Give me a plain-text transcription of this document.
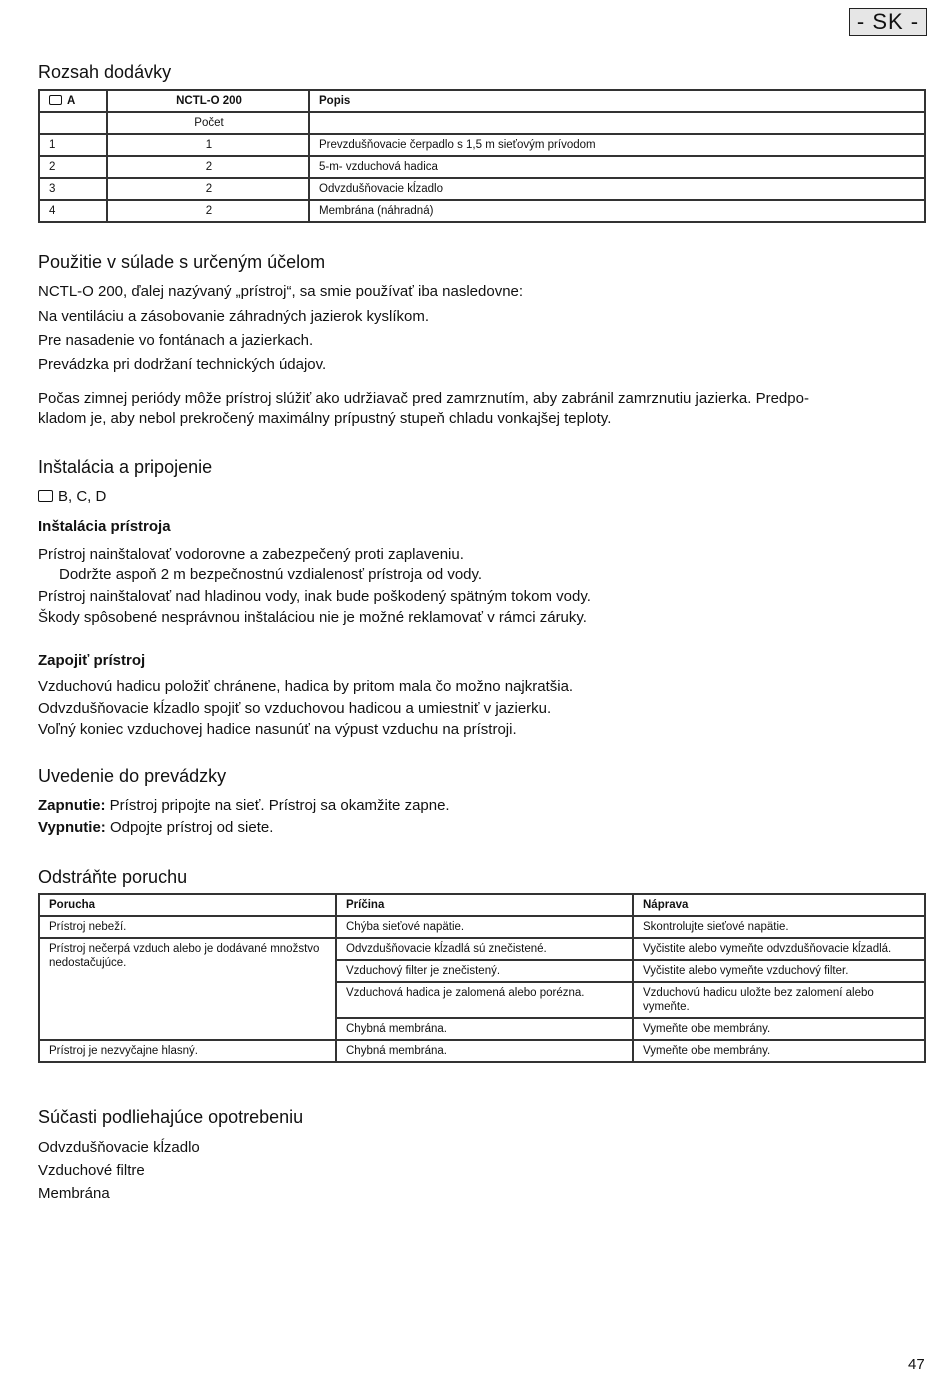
- SK -
Rozsah dodávky
A	NCTL-O 200	Popis
	Počet	
1	1	Prevzdušňovacie čerpadlo s 1,5 m sieťovým prívodom
2	2	5-m- vzduchová hadica
3	2	Odvzdušňovacie kĺzadlo
4	2	Membrána (náhradná)
Použitie v súlade s určeným účelom

NCTL-O 200, ďalej nazývaný „prístroj“, sa smie používať iba nasledovne:

Na ventiláciu a zásobovanie záhradných jazierok kyslíkom.

Pre nasadenie vo fontánach a jazierkach.

Prevádzka pri dodržaní technických údajov.

Počas zimnej periódy môže prístroj slúžiť ako udržiavač pred zamrznutím, aby zabránil zamrznutiu jazierka. Predpo-

kladom je, aby nebol prekročený maximálny prípustný stupeň chladu vonkajšej teploty.

Inštalácia a pripojenie

B, C, D

Inštalácia prístroja

Prístroj nainštalovať vodorovne a zabezpečený proti zaplaveniu.

Dodržte aspoň 2 m bezpečnostnú vzdialenosť prístroja od vody.

Prístroj nainštalovať nad hladinou vody, inak bude poškodený spätným tokom vody.

Škody spôsobené nesprávnou inštaláciou nie je možné reklamovať v rámci záruky.

Zapojiť prístroj

Vzduchovú hadicu položiť chránene, hadica by pritom mala čo možno najkratšia.

Odvzdušňovacie kĺzadlo spojiť so vzduchovou hadicou a umiestniť v jazierku.

Voľný koniec vzduchovej hadice nasunúť na výpust vzduchu na prístroji.

Uvedenie do prevádzky

Zapnutie: Prístroj pripojte na sieť. Prístroj sa okamžite zapne.

Vypnutie: Odpojte prístroj od siete.

Odstráňte poruchu
Porucha	Príčina	Náprava
Prístroj nebeží.	Chýba sieťové napätie.	Skontrolujte sieťové napätie.
Prístroj nečerpá vzduch alebo je dodávané množstvo nedostačujúce.	Odvzdušňovacie kĺzadlá sú znečistené.	Vyčistite alebo vymeňte odvzdušňovacie kĺzadlá.
	Vzduchový filter je znečistený.	Vyčistite alebo vymeňte vzduchový filter.
	Vzduchová hadica je zalomená alebo porézna.	Vzduchovú hadicu uložte bez zalomení alebo vymeňte.
	Chybná membrána.	Vymeňte obe membrány.
Prístroj je nezvyčajne hlasný.	Chybná membrána.	Vymeňte obe membrány.
Súčasti podliehajúce opotrebeniu

Odvzdušňovacie kĺzadlo

Vzduchové filtre

Membrána

47
